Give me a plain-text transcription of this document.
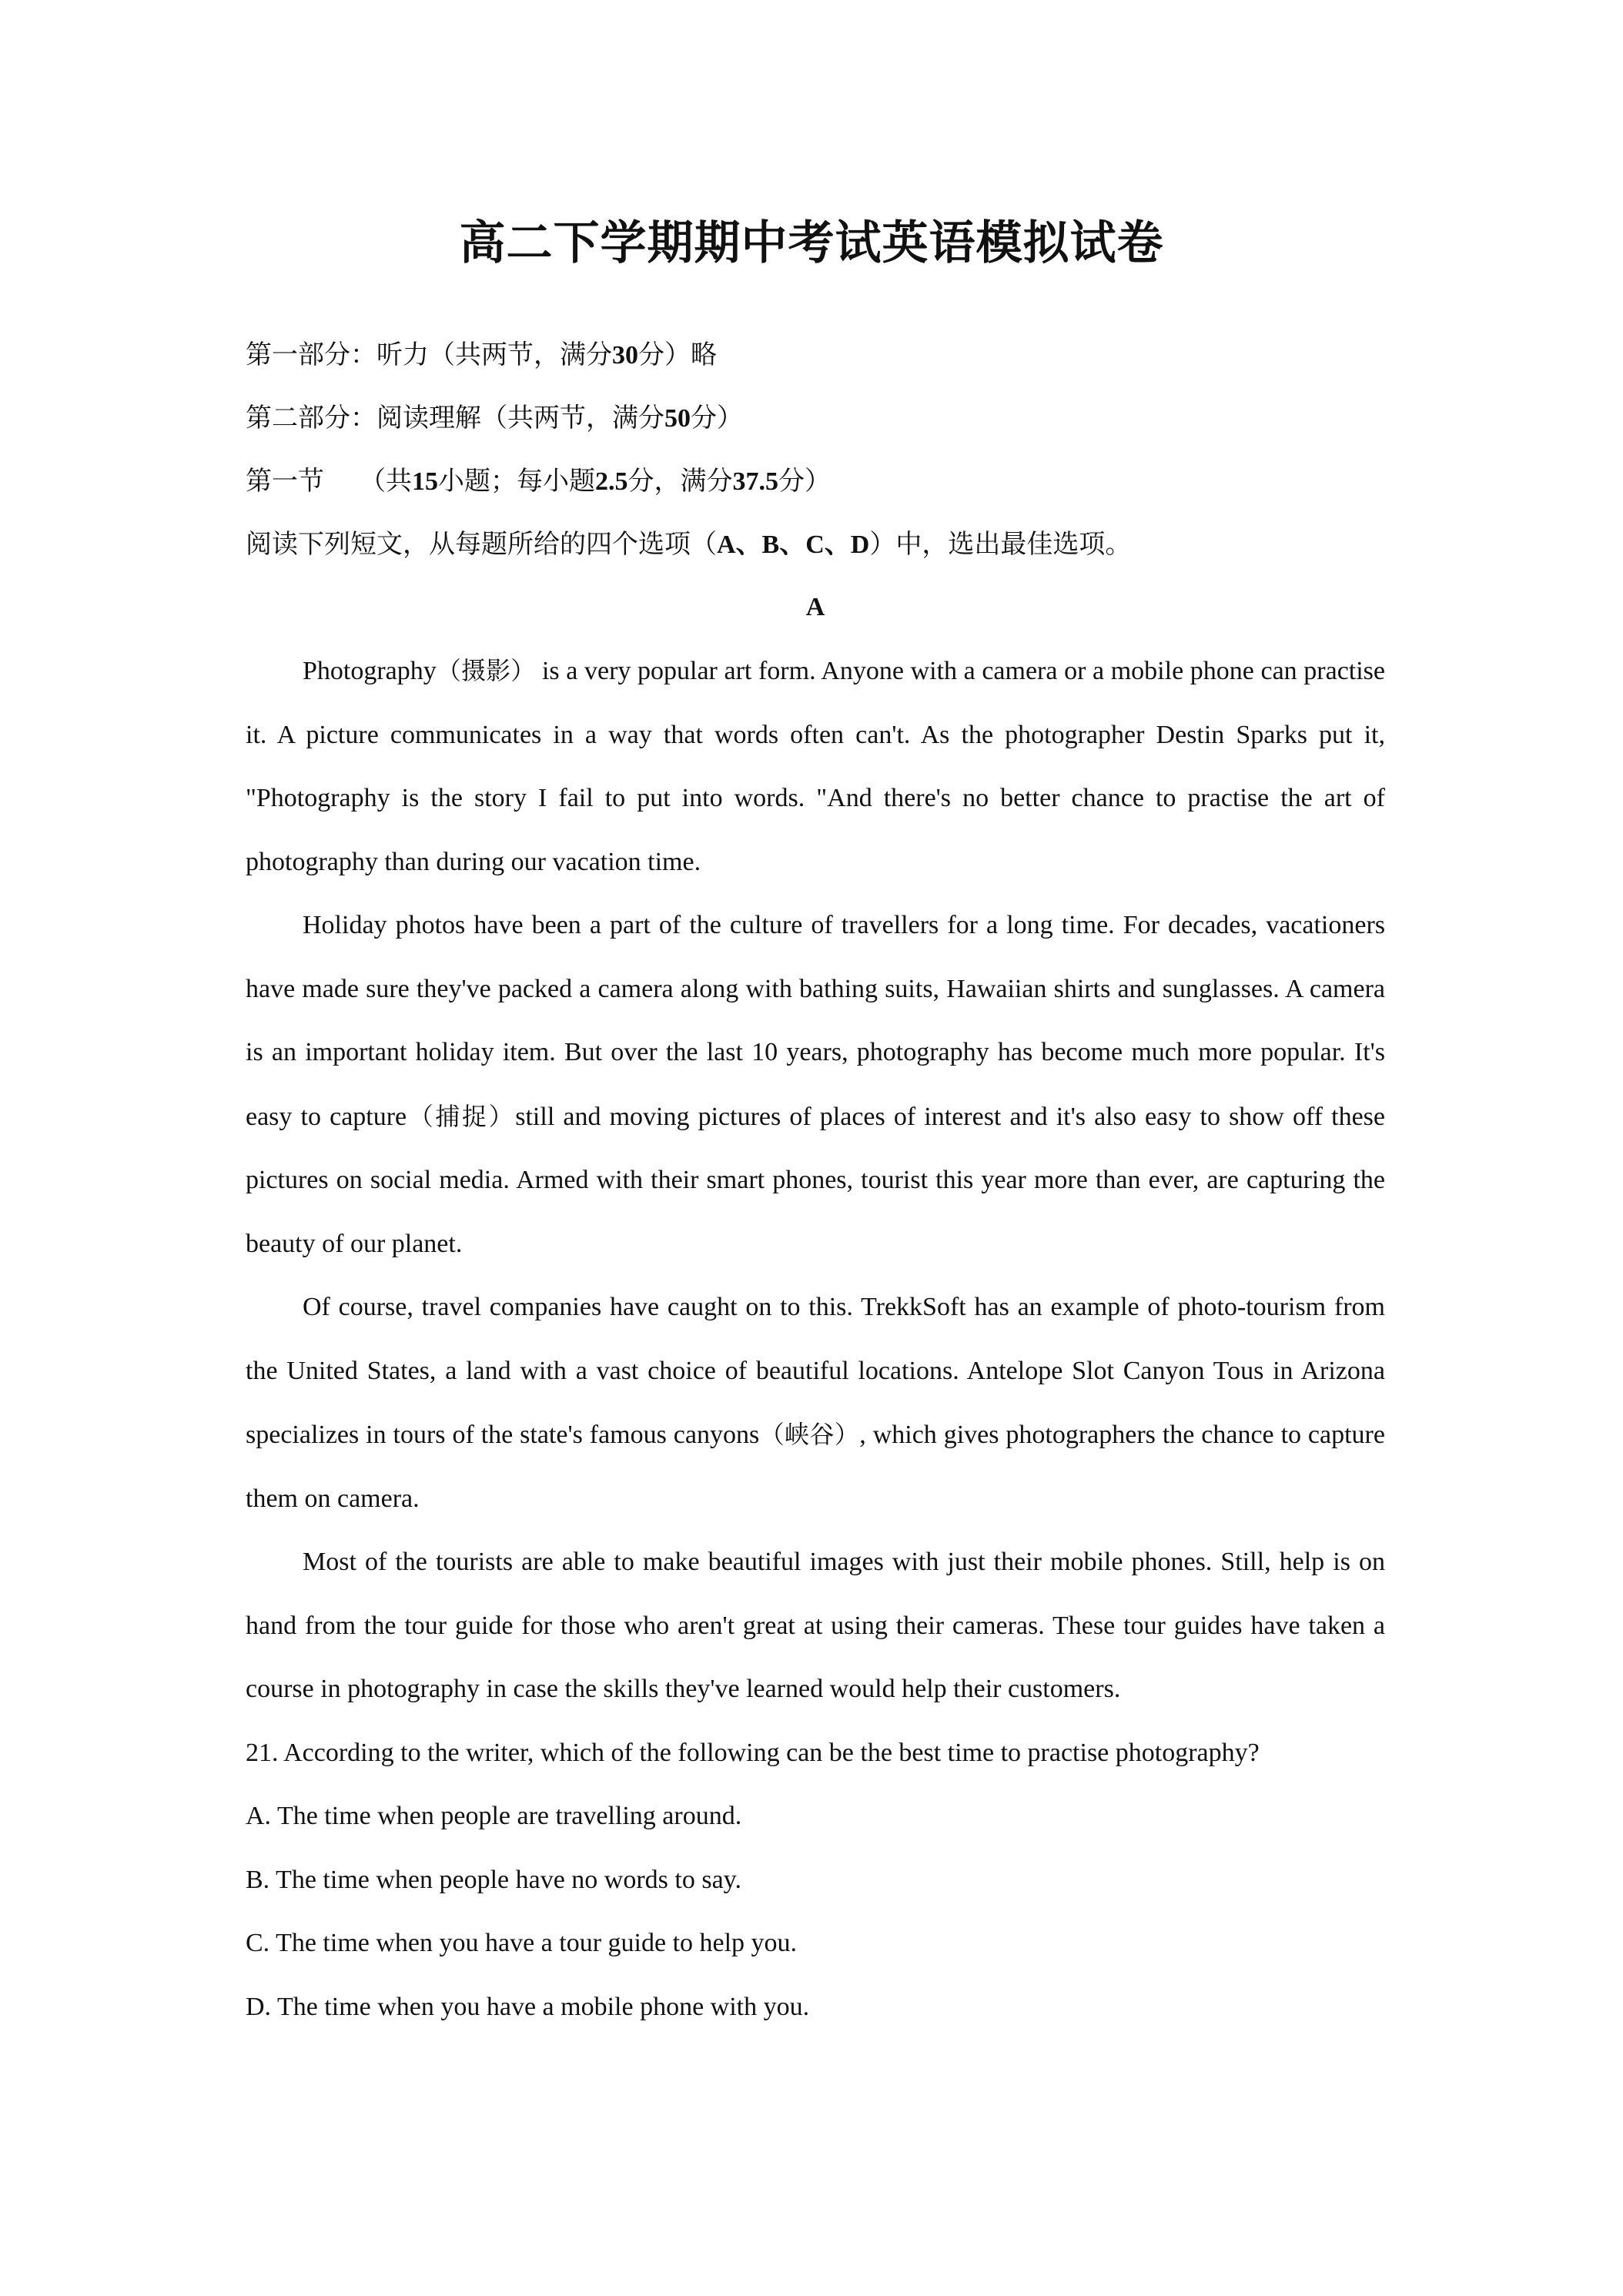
高二下学期期中考试英语模拟试卷

第一部分：听力（共两节，满分30分）略

第二部分：阅读理解（共两节，满分50分）

第一节 （共15小题；每小题2.5分，满分37.5分）

阅读下列短文，从每题所给的四个选项（A、B、C、D）中，选出最佳选项。

A

Photography（摄影） is a very popular art form. Anyone with a camera or a mobile phone can practise it. A picture communicates in a way that words often can't. As the photographer Destin Sparks put it, "Photography is the story I fail to put into words. "And there's no better chance to practise the art of photography than during our vacation time.

Holiday photos have been a part of the culture of travellers for a long time. For decades, vacationers have made sure they've packed a camera along with bathing suits, Hawaiian shirts and sunglasses. A camera is an important holiday item. But over the last 10 years, photography has become much more popular. It's easy to capture（捕捉）still and moving pictures of places of interest and it's also easy to show off these pictures on social media. Armed with their smart phones, tourist this year more than ever, are capturing the beauty of our planet.

Of course, travel companies have caught on to this. TrekkSoft has an example of photo-tourism from the United States, a land with a vast choice of beautiful locations. Antelope Slot Canyon Tous in Arizona specializes in tours of the state's famous canyons（峡谷）, which gives photographers the chance to capture them on camera.

Most of the tourists are able to make beautiful images with just their mobile phones. Still, help is on hand from the tour guide for those who aren't great at using their cameras. These tour guides have taken a course in photography in case the skills they've learned would help their customers.

21. According to the writer, which of the following can be the best time to practise photography?

A. The time when people are travelling around.

B. The time when people have no words to say.

C. The time when you have a tour guide to help you.

D. The time when you have a mobile phone with you.
